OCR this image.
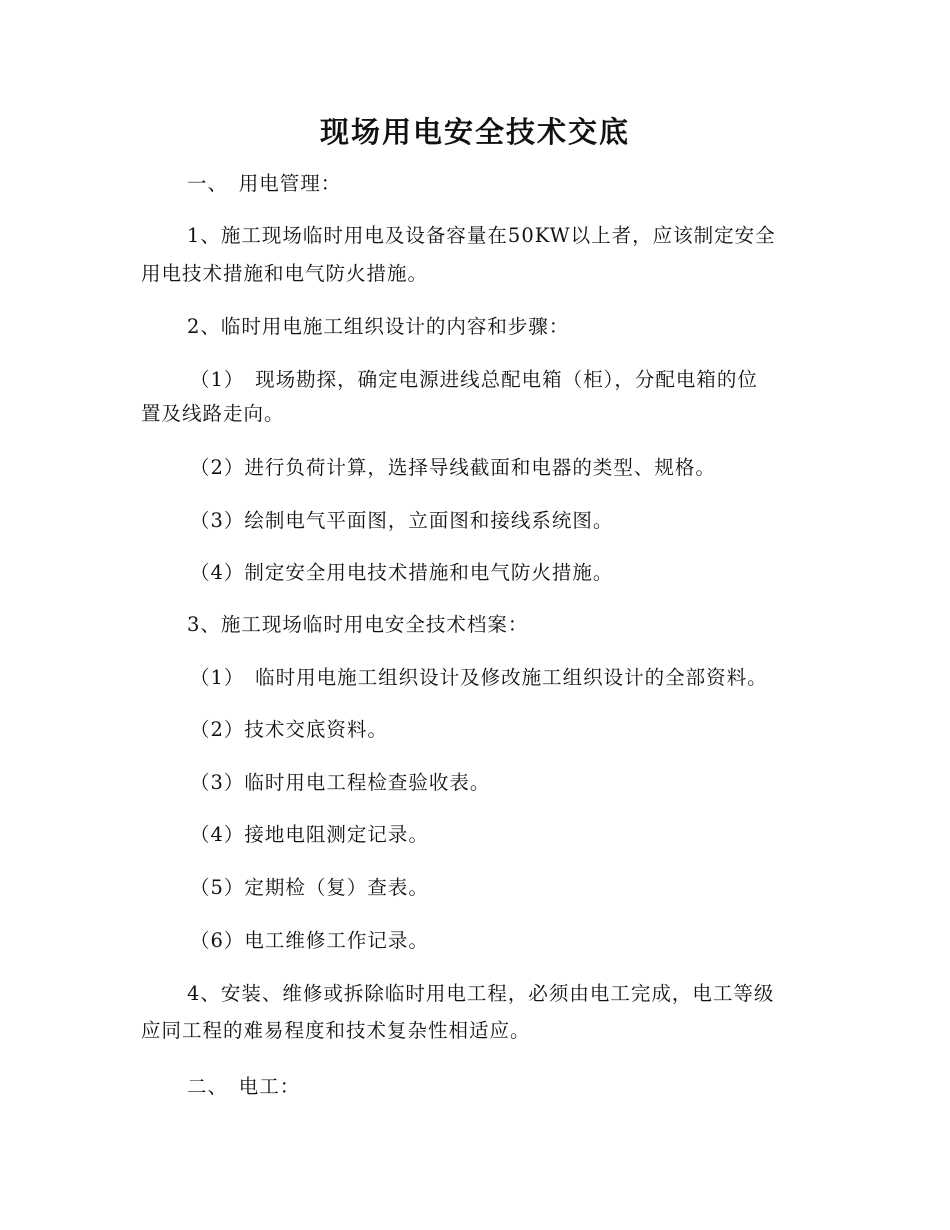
现场用电安全技术交底
一、　用电管理：
1、施工现场临时用电及设备容量在50KW以上者，应该制定安全
用电技术措施和电气防火措施。
2、临时用电施工组织设计的内容和步骤：
（1）　现场勘探，确定电源进线总配电箱（柜），分配电箱的位
置及线路走向。
（2）进行负荷计算，选择导线截面和电器的类型、规格。
（3）绘制电气平面图，立面图和接线系统图。
（4）制定安全用电技术措施和电气防火措施。
3、施工现场临时用电安全技术档案：
（1）　临时用电施工组织设计及修改施工组织设计的全部资料。
（2）技术交底资料。
（3）临时用电工程检查验收表。
（4）接地电阻测定记录。
（5）定期检（复）查表。
（6）电工维修工作记录。
4、安装、维修或拆除临时用电工程，必须由电工完成，电工等级
应同工程的难易程度和技术复杂性相适应。
二、　电工：
